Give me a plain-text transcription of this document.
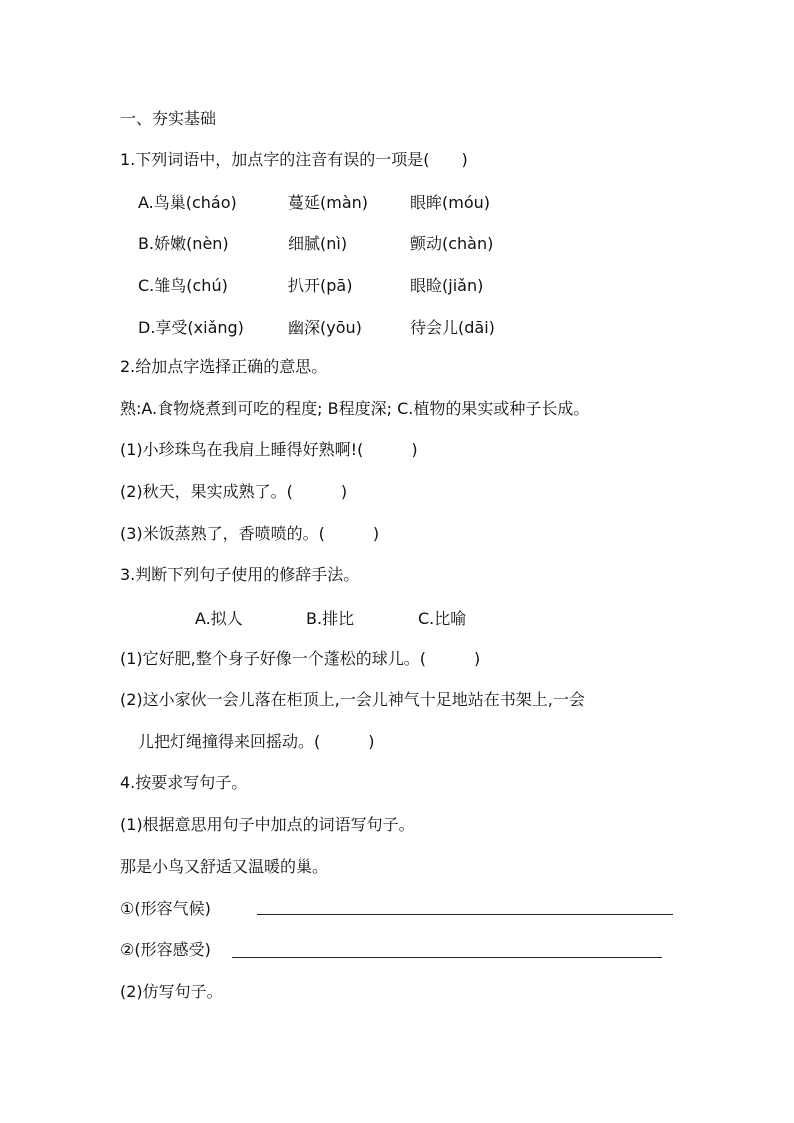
一、夯实基础
1.下列词语中，加点字的注音有误的一项是(　　)
A.鸟巢(cháo)	蔓延(màn)	眼眸(móu)
B.娇嫩(nèn)	细腻(nì)	颤动(chàn)
C.雏鸟(chú)	扒开(pā)	眼睑(jiǎn)
D.享受(xiǎng)	幽深(yōu)	待会儿(dāi)
2.给加点字选择正确的意思。
熟:A.食物烧煮到可吃的程度; B程度深; C.植物的果实或种子长成。
(1)小珍珠鸟在我肩上睡得好熟啊!(　　　)
(2)秋天，果实成熟了。(　　　)
(3)米饭蒸熟了，香喷喷的。(　　　)
3.判断下列句子使用的修辞手法。
A.拟人	B.排比	C.比喻
(1)它好肥,整个身子好像一个蓬松的球儿。(　　　)
(2)这小家伙一会儿落在柜顶上,一会儿神气十足地站在书架上,一会
儿把灯绳撞得来回摇动。(　　　)
4.按要求写句子。
(1)根据意思用句子中加点的词语写句子。
那是小鸟又舒适又温暖的巢。
①(形容气候)
②(形容感受)
(2)仿写句子。
